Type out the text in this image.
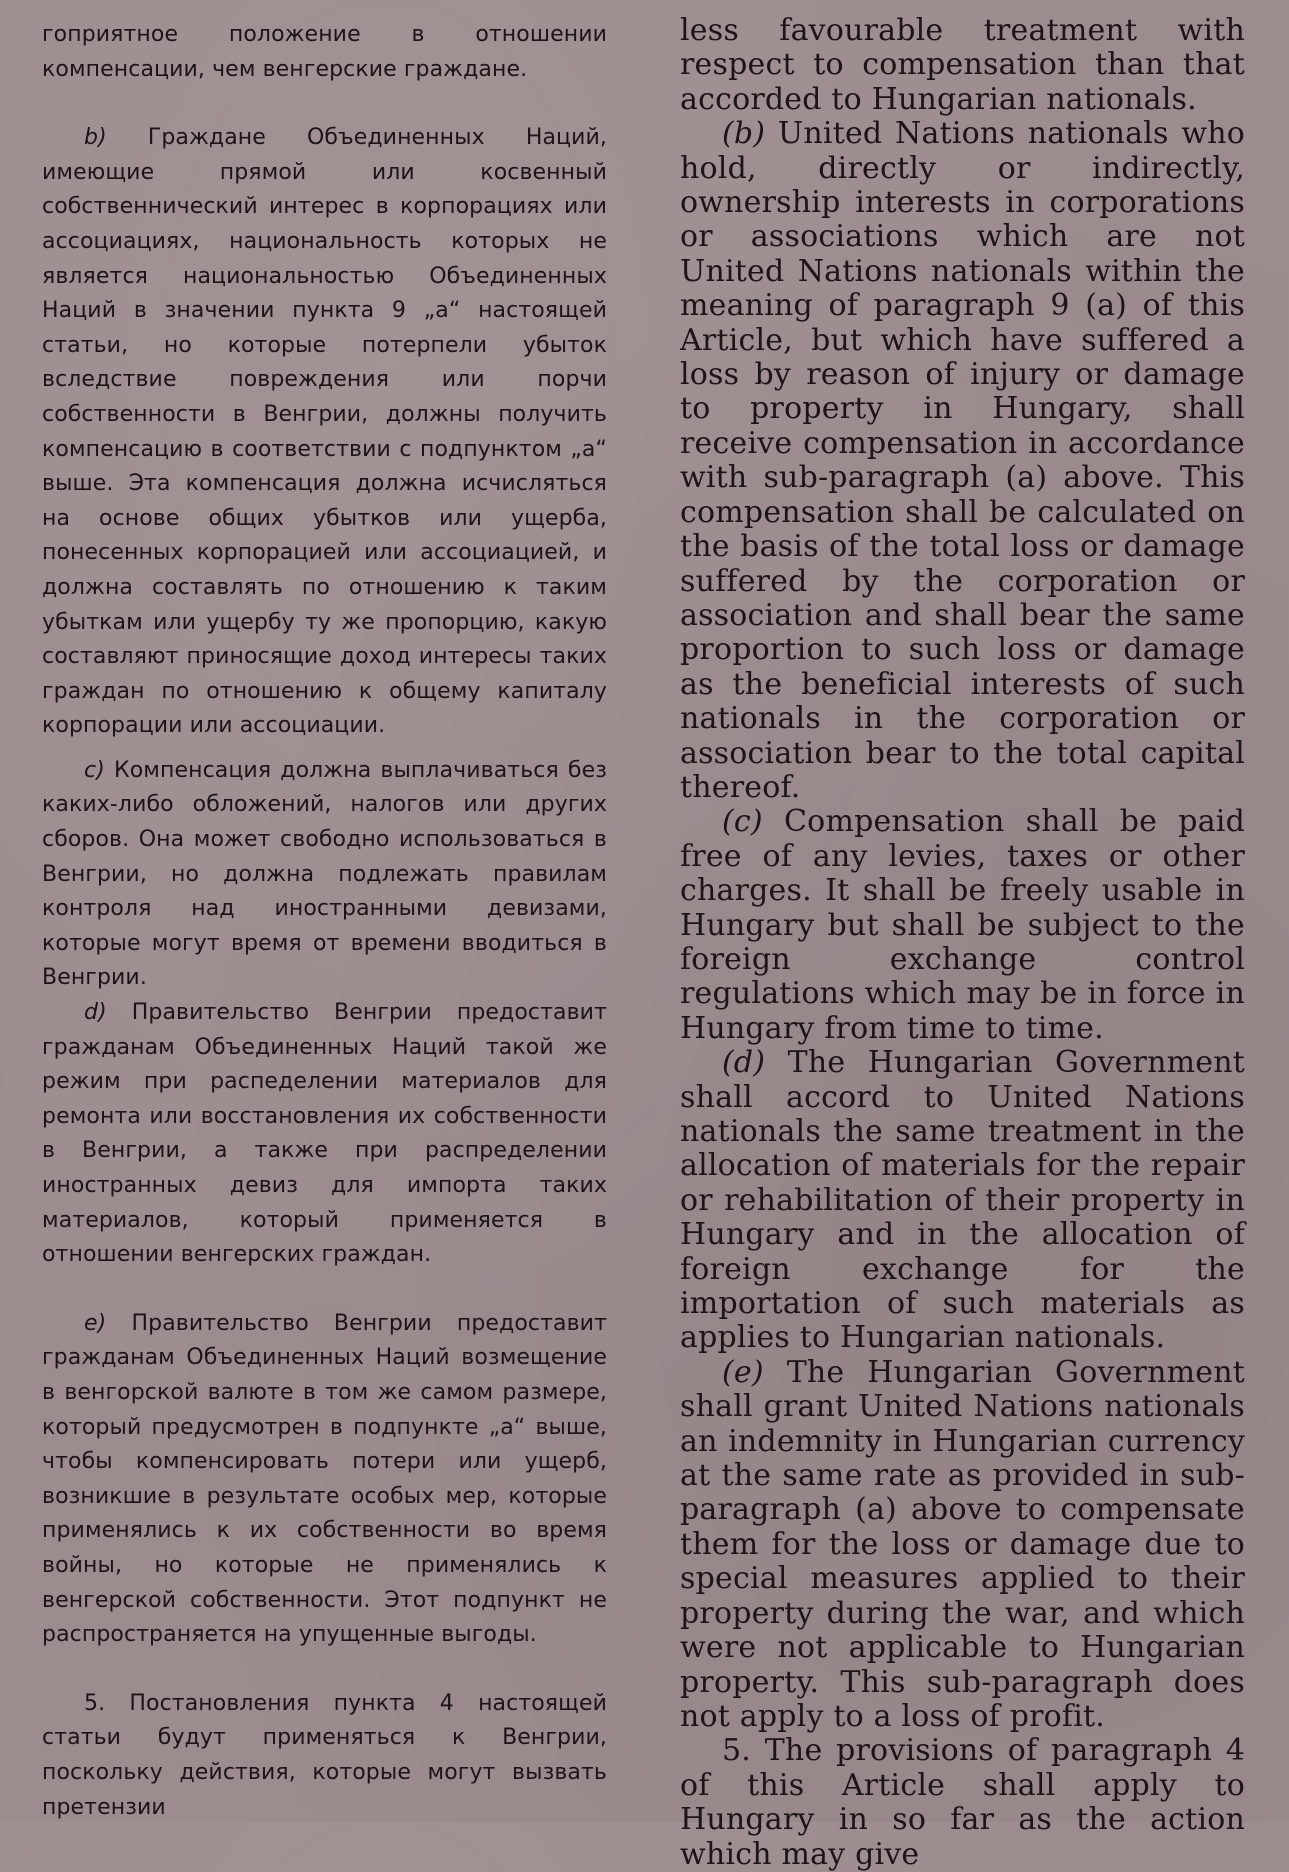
гоприятное положение в отношении компенсации, чем венгерские граждане.

b) Граждане Объединенных Наций, имеющие прямой или косвенный собственнический интерес в корпорациях или ассоциациях, национальность которых не является национальностью Объединенных Наций в значении пункта 9 „a“ настоящей статьи, но которые потерпели убыток вследствие повреждения или порчи собственности в Венгрии, должны получить компенсацию в соответствии с подпунктом „a“ выше. Эта компенсация должна исчисляться на основе общих убытков или ущерба, понесенных корпорацией или ассоциацией, и должна составлять по отношению к таким убыткам или ущербу ту же пропорцию, какую составляют приносящие доход интересы таких граждан по отношению к общему капиталу корпорации или ассоциации.

c) Компенсация должна выплачиваться без каких-либо обложений, налогов или других сборов. Она может свободно использоваться в Венгрии, но должна подлежать правилам контроля над иностранными девизами, которые могут время от времени вводиться в Венгрии.

d) Правительство Венгрии предоставит гражданам Объединенных Наций такой же режим при распеделении материалов для ремонта или восстановления их собственности в Венгрии, а также при распределении иностранных девиз для импорта таких материалов, который применяется в отношении венгерских граждан.

e) Правительство Венгрии предоставит гражданам Объединенных Наций возмещение в венгорской валюте в том же самом размере, который предусмотрен в подпункте „a“ выше, чтобы компенсировать потери или ущерб, возникшие в результате особых мер, которые применялись к их собственности во время войны, но которые не применялись к венгерской собственности. Этот подпункт не распространяется на упущенные выгоды.

5. Постановления пункта 4 настоящей статьи будут применяться к Венгрии, поскольку действия, которые могут вызвать претензии

less favourable treatment with respect to compensation than that accorded to Hungarian nationals.

(b) United Nations nationals who hold, directly or indirectly, ownership interests in corporations or associations which are not United Nations nationals within the meaning of paragraph 9 (a) of this Article, but which have suffered a loss by reason of injury or damage to property in Hungary, shall receive compensation in accordance with sub-paragraph (a) above. This compensation shall be calculated on the basis of the total loss or damage suffered by the corporation or association and shall bear the same proportion to such loss or damage as the beneficial interests of such nationals in the corporation or association bear to the total capital thereof.

(c) Compensation shall be paid free of any levies, taxes or other charges. It shall be freely usable in Hungary but shall be subject to the foreign exchange control regulations which may be in force in Hungary from time to time.

(d) The Hungarian Government shall accord to United Nations nationals the same treatment in the allocation of materials for the repair or rehabilitation of their property in Hungary and in the allocation of foreign exchange for the importation of such materials as applies to Hungarian nationals.

(e) The Hungarian Government shall grant United Nations nationals an indemnity in Hungarian currency at the same rate as provided in sub-paragraph (a) above to compensate them for the loss or damage due to special measures applied to their property during the war, and which were not applicable to Hungarian property. This sub-paragraph does not apply to a loss of profit.

5. The provisions of paragraph 4 of this Article shall apply to Hungary in so far as the action which may give
